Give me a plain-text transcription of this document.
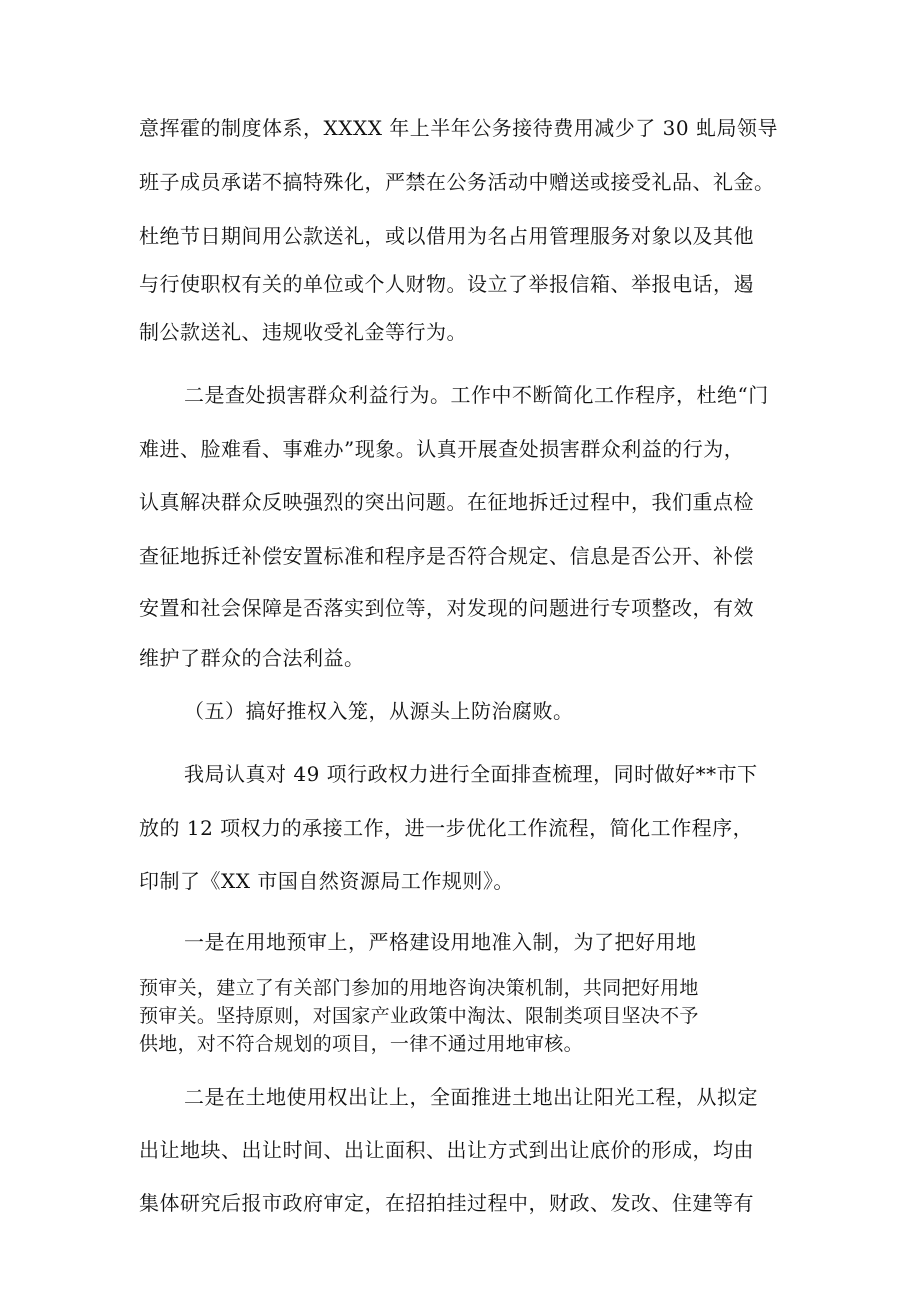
意挥霍的制度体系，XXXX 年上半年公务接待费用减少了 30 虬局领导
班子成员承诺不搞特殊化，严禁在公务活动中赠送或接受礼品、礼金。
杜绝节日期间用公款送礼，或以借用为名占用管理服务对象以及其他
与行使职权有关的单位或个人财物。设立了举报信箱、举报电话，遏
制公款送礼、违规收受礼金等行为。
二是查处损害群众利益行为。工作中不断简化工作程序，杜绝“门
难进、脸难看、事难办”现象。认真开展查处损害群众利益的行为，
认真解决群众反映强烈的突出问题。在征地拆迁过程中，我们重点检
查征地拆迁补偿安置标准和程序是否符合规定、信息是否公开、补偿
安置和社会保障是否落实到位等，对发现的问题进行专项整改，有效
维护了群众的合法利益。
（五）搞好推权入笼，从源头上防治腐败。
我局认真对 49 项行政权力进行全面排查梳理，同时做好**市下
放的 12 项权力的承接工作，进一步优化工作流程，简化工作程序，
印制了《XX 市国自然资源局工作规则》。
一是在用地预审上，严格建设用地准入制，为了把好用地
预审关，建立了有关部门参加的用地咨询决策机制，共同把好用地
预审关。坚持原则，对国家产业政策中淘汰、限制类项目坚决不予
供地，对不符合规划的项目，一律不通过用地审核。
二是在土地使用权出让上，全面推进土地出让阳光工程，从拟定
出让地块、出让时间、出让面积、出让方式到出让底价的形成，均由
集体研究后报市政府审定，在招拍挂过程中，财政、发改、住建等有
